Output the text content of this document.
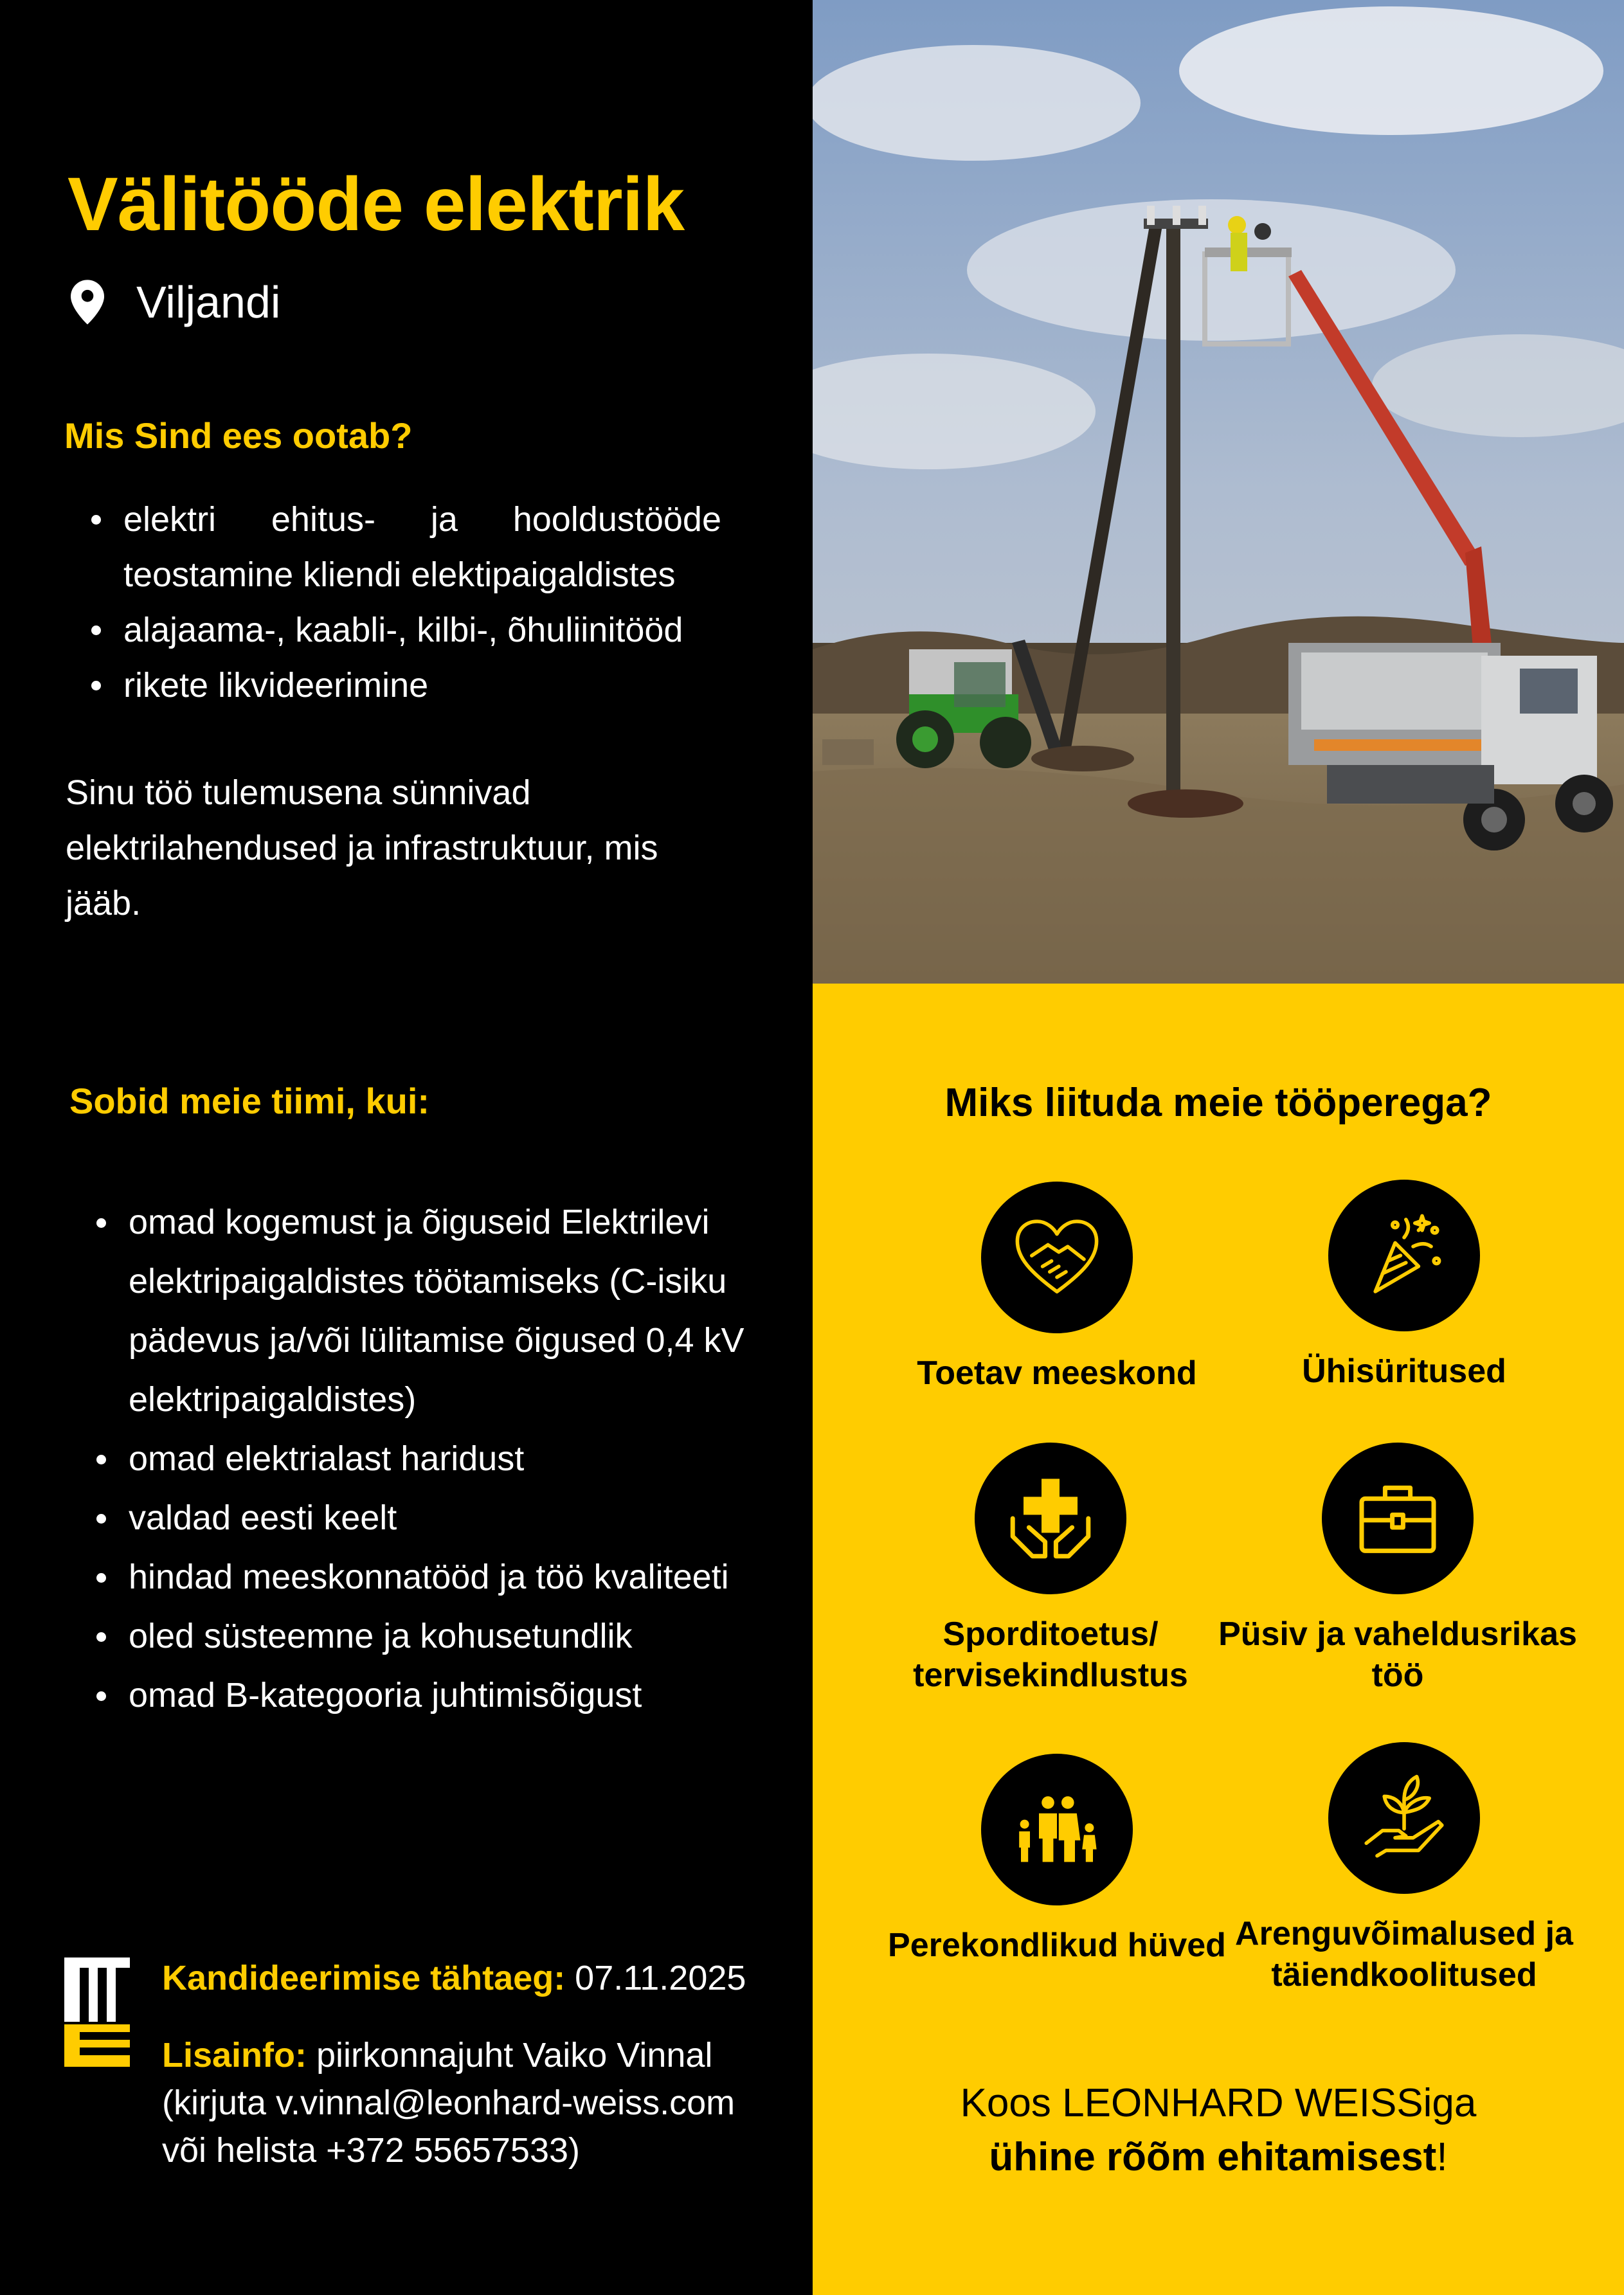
Välitööde elektrik
Viljandi
Mis Sind ees ootab?
elektri ehitus- ja hooldustööde teostamine kliendi elektipaigaldistes
alajaama-, kaabli-, kilbi-, õhuliinitööd
rikete likvideerimine
Sinu töö tulemusena sünnivad elektrilahendused ja infrastruktuur, mis jääb.
Sobid meie tiimi, kui:
omad kogemust ja õiguseid Elektrilevi elektripaigaldistes töötamiseks (C-isiku pädevus ja/või lülitamise õigused 0,4 kV elektripaigaldistes)
omad elektrialast haridust
valdad eesti keelt
hindad meeskonnatööd ja töö kvaliteeti
oled süsteemne ja kohusetundlik
omad B-kategooria juhtimisõigust
Kandideerimise tähtaeg: 07.11.2025
Lisainfo: piirkonnajuht Vaiko Vinnal
(kirjuta v.vinnal@leonhard-weiss.com
või helista +372 55657533)
Miks liituda meie tööperega?
Toetav meeskond	Ühisüritused
Sporditoetus/ tervisekindlustus
Püsiv ja vaheldusrikas töö
Perekondlikud hüved Arenguvõimalused ja täiendkoolitused
Koos LEONHARD WEISSiga
ühine rõõm ehitamisest!
